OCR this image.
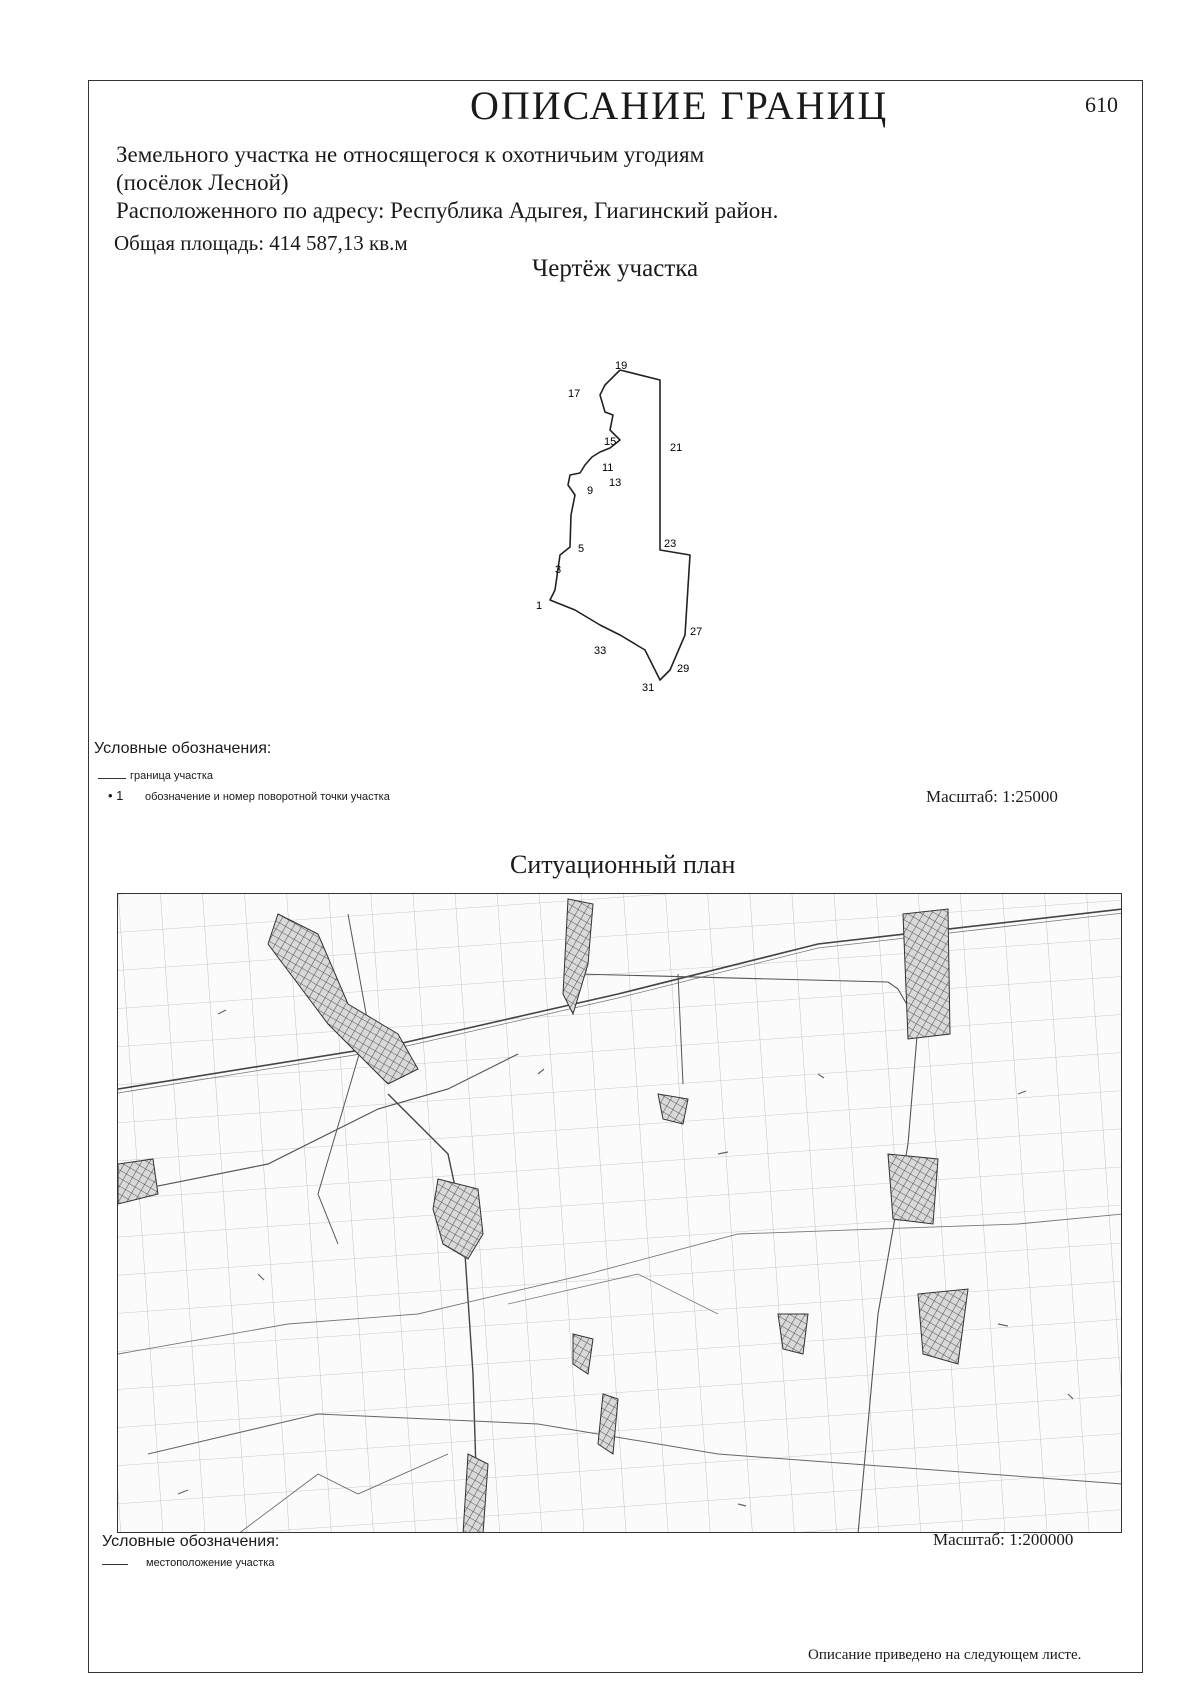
ОПИСАНИЕ ГРАНИЦ	610
Земельного участка не относящегося к охотничьим угодиям
(посёлок Лесной)
Расположенного по адресу: Республика Адыгея, Гиагинский район.
Общая площадь: 414 587,13 кв.м
Чертёж участка
19
17
15	21
11
13
9
23
5
3
1
27
33
29
31
Условные обозначения:
граница участка
• 1 обозначение и номер поворотной точки участка	Масштаб: 1:25000
Ситуационный план
Условные обозначения:
местоположение участка
Масштаб: 1:200000
Описание приведено на следующем листе.
